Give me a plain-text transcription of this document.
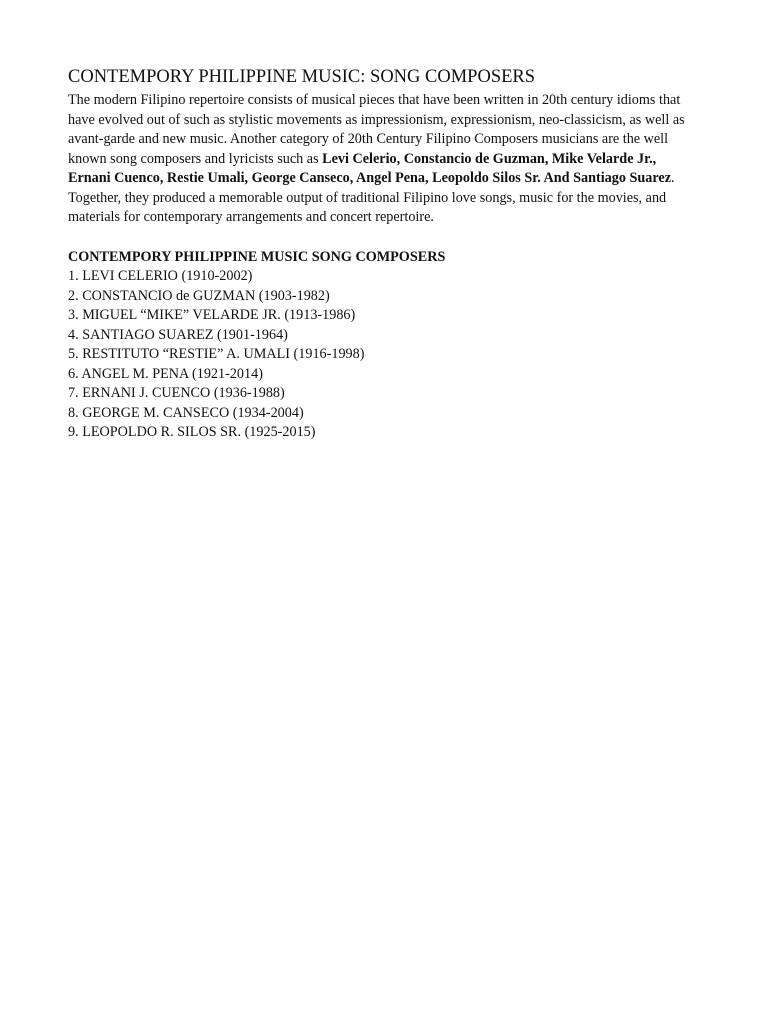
CONTEMPORY PHILIPPINE MUSIC: SONG COMPOSERS

The modern Filipino repertoire consists of musical pieces that have been written in 20th century idioms that have evolved out of such as stylistic movements as impressionism, expressionism, neo-classicism, as well as avant-garde and new music. Another category of 20th Century Filipino Composers musicians are the well known song composers and lyricists such as Levi Celerio, Constancio de Guzman, Mike Velarde Jr., Ernani Cuenco, Restie Umali, George Canseco, Angel Pena, Leopoldo Silos Sr. And Santiago Suarez. Together, they produced a memorable output of traditional Filipino love songs, music for the movies, and materials for contemporary arrangements and concert repertoire.

CONTEMPORY PHILIPPINE MUSIC SONG COMPOSERS
1. LEVI CELERIO (1910-2002)
2. CONSTANCIO de GUZMAN (1903-1982)
3. MIGUEL “MIKE” VELARDE JR. (1913-1986)
4. SANTIAGO SUAREZ (1901-1964)
5. RESTITUTO “RESTIE” A. UMALI (1916-1998)
6. ANGEL M. PENA (1921-2014)
7. ERNANI J. CUENCO (1936-1988)
8. GEORGE M. CANSECO (1934-2004)
9. LEOPOLDO R. SILOS SR. (1925-2015)
